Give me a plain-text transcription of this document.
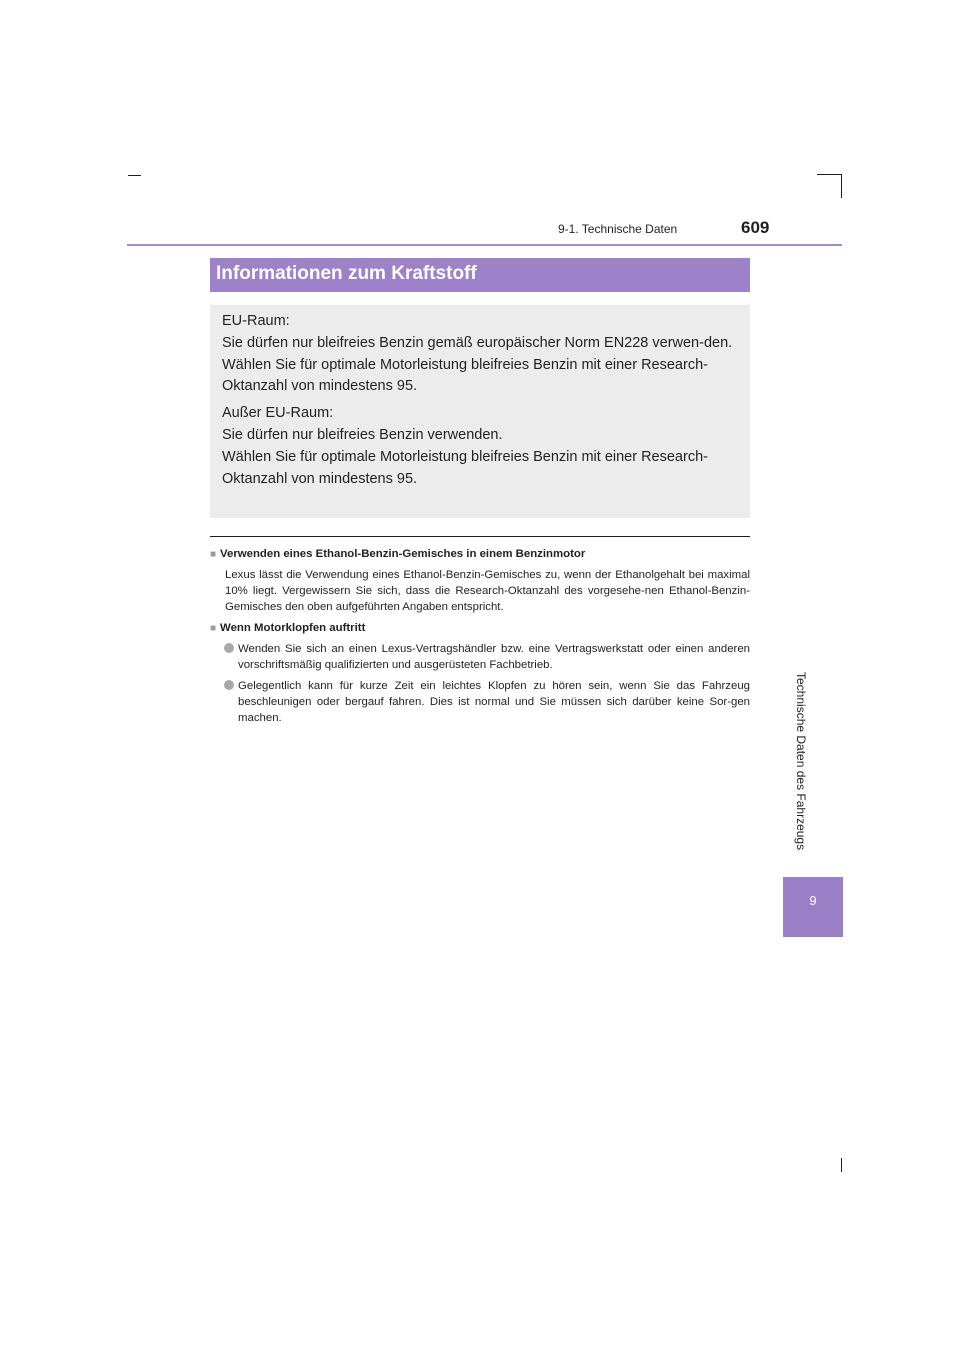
9-1. Technische Daten	609
Technische Daten des Fahrzeugs
9
Informationen zum Kraftstoff

EU-Raum:

Sie dürfen nur bleifreies Benzin gemäß europäischer Norm EN228 verwen-den.

Wählen Sie für optimale Motorleistung bleifreies Benzin mit einer Research-Oktanzahl von mindestens 95.

Außer EU-Raum:

Sie dürfen nur bleifreies Benzin verwenden.

Wählen Sie für optimale Motorleistung bleifreies Benzin mit einer Research-Oktanzahl von mindestens 95.

■ Verwenden eines Ethanol-Benzin-Gemisches in einem Benzinmotor
Lexus lässt die Verwendung eines Ethanol-Benzin-Gemisches zu, wenn der Ethanolgehalt bei maximal 10% liegt. Vergewissern Sie sich, dass die Research-Oktanzahl des vorgesehe-nen Ethanol-Benzin-Gemisches den oben aufgeführten Angaben entspricht.
■ Wenn Motorklopfen auftritt
Wenden Sie sich an einen Lexus-Vertragshändler bzw. eine Vertragswerkstatt oder einen anderen vorschriftsmäßig qualifizierten und ausgerüsteten Fachbetrieb.
Gelegentlich kann für kurze Zeit ein leichtes Klopfen zu hören sein, wenn Sie das Fahrzeug beschleunigen oder bergauf fahren. Dies ist normal und Sie müssen sich darüber keine Sor-gen machen.
